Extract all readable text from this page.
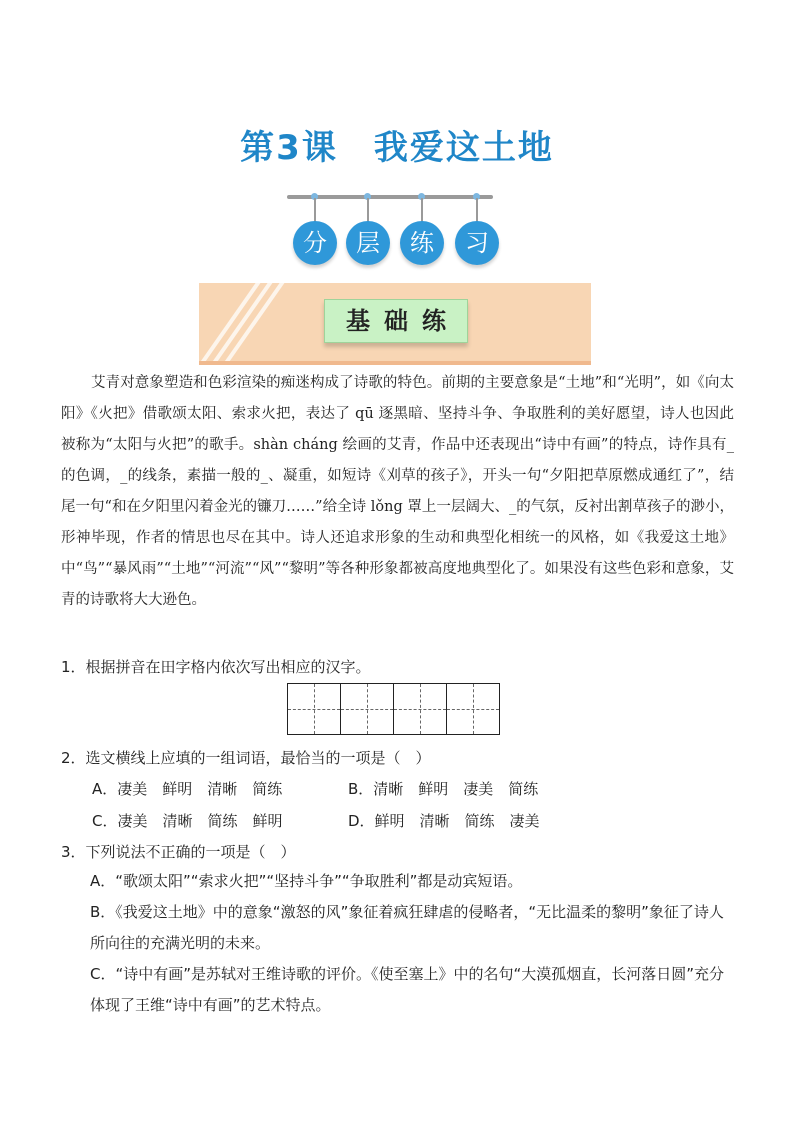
第3课 我爱这土地
分	层	练	习
基础练
艾青对意象塑造和色彩渲染的痴迷构成了诗歌的特色。前期的主要意象是“土地”和“光明”，如《向太阳》《火把》借歌颂太阳、索求火把，表达了 qū 逐黑暗、坚持斗争、争取胜利的美好愿望，诗人也因此被称为“太阳与火把”的歌手。shàn cháng 绘画的艾青，作品中还表现出“诗中有画”的特点，诗作具有_的色调，_的线条，素描一般的_、凝重，如短诗《刈草的孩子》，开头一句“夕阳把草原燃成通红了”，结尾一句“和在夕阳里闪着金光的镰刀……”给全诗 lǒng 罩上一层阔大、_的气氛，反衬出割草孩子的渺小，形神毕现，作者的情思也尽在其中。诗人还追求形象的生动和典型化相统一的风格，如《我爱这土地》中“鸟”“暴风雨”“土地”“河流”“风”“黎明”等各种形象都被高度地典型化了。如果没有这些色彩和意象，艾青的诗歌将大大逊色。
1．根据拼音在田字格内依次写出相应的汉字。
2．选文横线上应填的一组词语，最恰当的一项是（　）
A．凄美　鲜明　清晰　简练	B．清晰　鲜明　凄美　简练
C．凄美　清晰　简练　鲜明	D．鲜明　清晰　简练　凄美
3．下列说法不正确的一项是（　）
A．“歌颂太阳”“索求火把”“坚持斗争”“争取胜利”都是动宾短语。
B．《我爱这土地》中的意象“激怒的风”象征着疯狂肆虐的侵略者，“无比温柔的黎明”象征了诗人所向往的充满光明的未来。
C．“诗中有画”是苏轼对王维诗歌的评价。《使至塞上》中的名句“大漠孤烟直，长河落日圆”充分体现了王维“诗中有画”的艺术特点。
